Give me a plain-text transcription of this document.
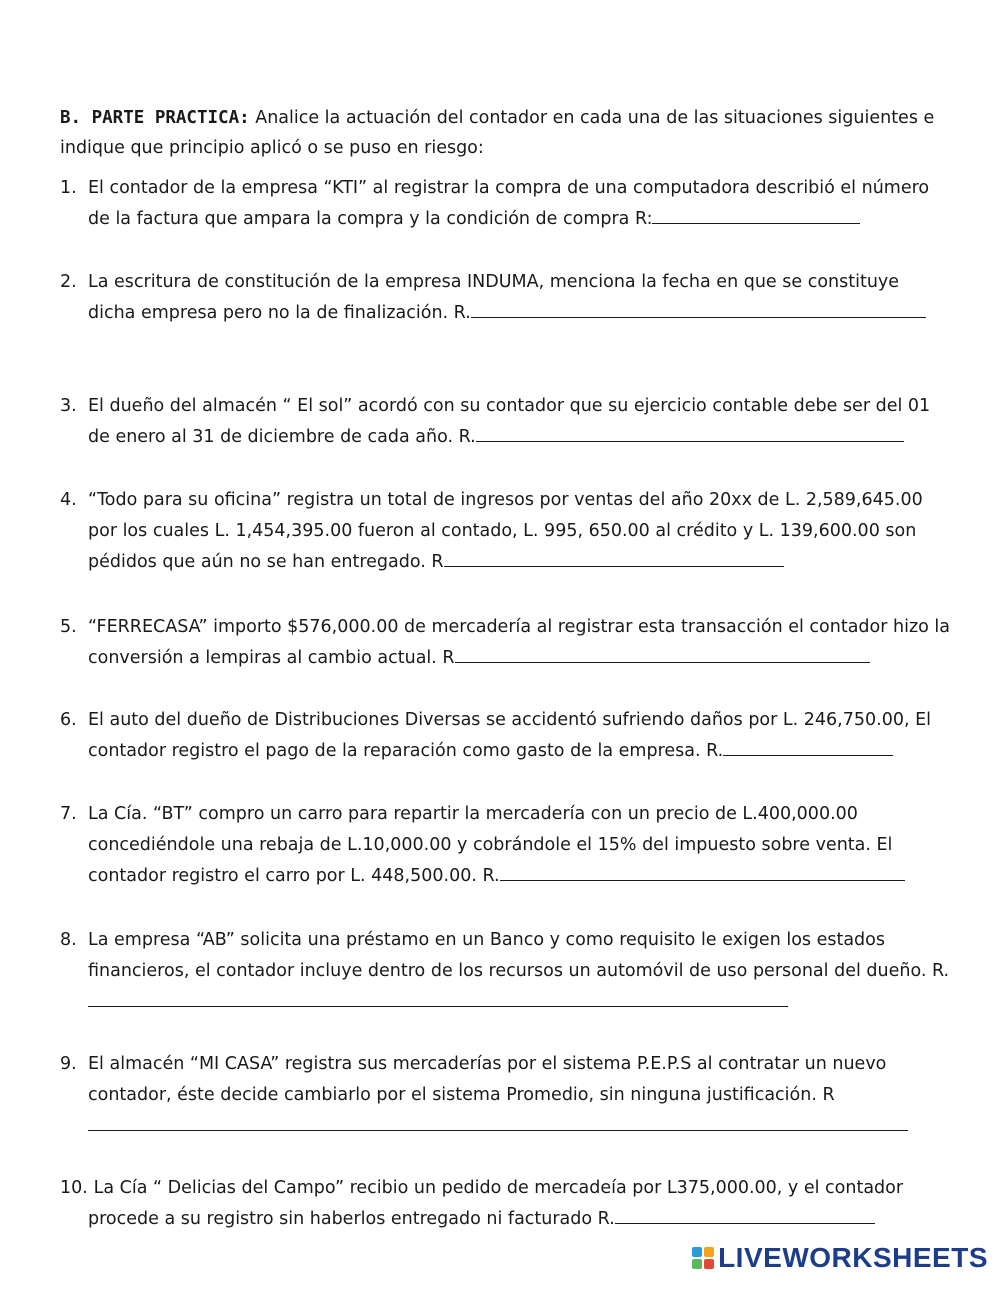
B. PARTE PRACTICA: Analice la actuación del contador en cada una de las situaciones siguientes e indique que principio aplicó o se puso en riesgo:

1. El contador de la empresa “KTI” al registrar la compra de una computadora describió el número de la factura que ampara la compra y la condición de compra R:
2. La escritura de constitución de la empresa INDUMA, menciona la fecha en que se constituye dicha empresa pero no la de finalización. R.
3. El dueño del almacén “ El sol” acordó con su contador que su ejercicio contable debe ser del 01 de enero al 31 de diciembre de cada año. R.
4. “Todo para su oficina” registra un total de ingresos por ventas del año 20xx de L. 2,589,645.00 por los cuales L. 1,454,395.00 fueron al contado, L. 995, 650.00 al crédito y L. 139,600.00 son pédidos que aún no se han entregado. R
5. “FERRECASA” importo $576,000.00 de mercadería al registrar esta transacción el contador hizo la conversión a lempiras al cambio actual. R
6. El auto del dueño de Distribuciones Diversas se accidentó sufriendo daños por L. 246,750.00, El contador registro el pago de la reparación como gasto de la empresa. R.
7. La Cía. “BT” compro un carro para repartir la mercadería con un precio de L.400,000.00 concediéndole una rebaja de L.10,000.00 y cobrándole el 15% del impuesto sobre venta. El contador registro el carro por L. 448,500.00. R.
8. La empresa “AB” solicita una préstamo en un Banco y como requisito le exigen los estados financieros, el contador incluye dentro de los recursos un automóvil de uso personal del dueño. R.
9. El almacén “MI CASA” registra sus mercaderías por el sistema P.E.P.S al contratar un nuevo contador, éste decide cambiarlo por el sistema Promedio, sin ninguna justificación. R
10. La Cía “ Delicias del Campo” recibio un pedido de mercadeía por L375,000.00, y el contador procede a su registro sin haberlos entregado ni facturado R.
LIVEWORKSHEETS
